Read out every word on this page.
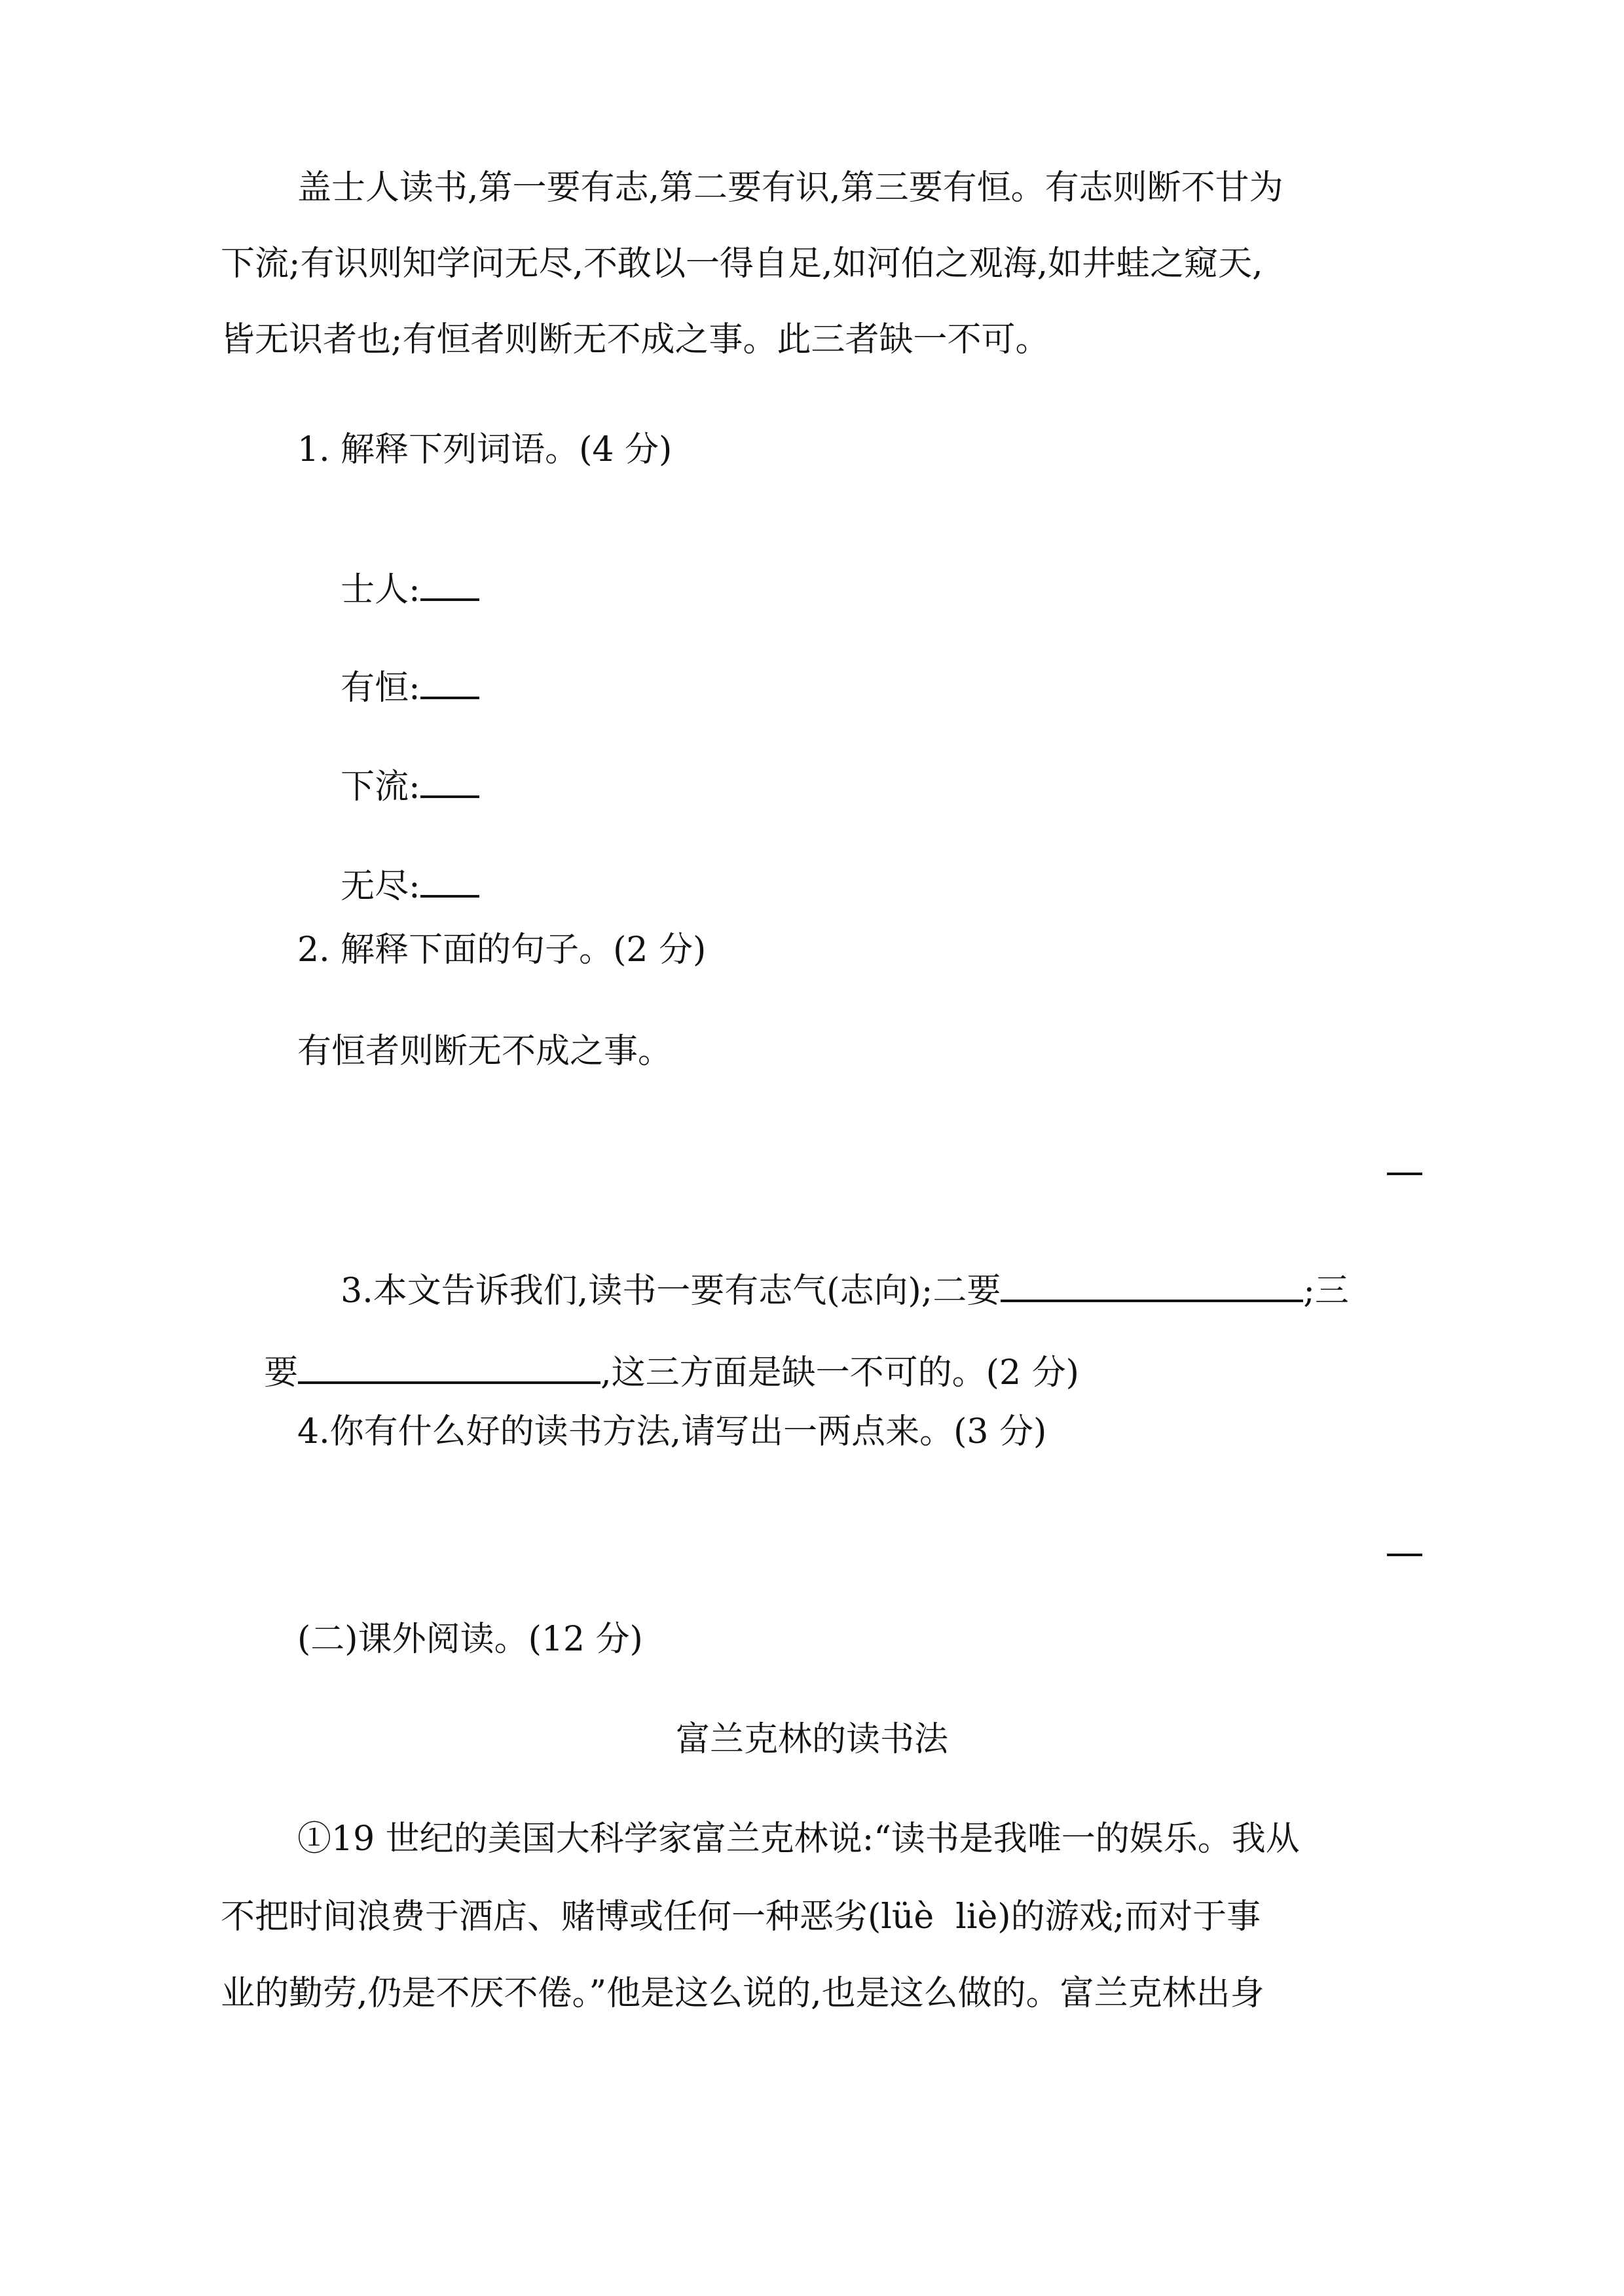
盖士人读书,第一要有志,第二要有识,第三要有恒。有志则断不甘为
下流;有识则知学问无尽,不敢以一得自足,如河伯之观海,如井蛙之窥天,
皆无识者也;有恒者则断无不成之事。此三者缺一不可。
1. 解释下列词语。(4 分)

士人:

有恒:

下流:

无尽:

2. 解释下面的句子。(2 分)
有恒者则断无不成之事。

3.本文告诉我们,读书一要有志气(志向);二要	;三

要	,这三方面是缺一不可的。(2 分)

4.你有什么好的读书方法,请写出一两点来。(3 分)
(二)课外阅读。(12 分)
富兰克林的读书法
①19 世纪的美国大科学家富兰克林说:“读书是我唯一的娱乐。我从
不把时间浪费于酒店、赌博或任何一种恶劣(lüè  liè)的游戏;而对于事
业的勤劳,仍是不厌不倦。”他是这么说的,也是这么做的。富兰克林出身
